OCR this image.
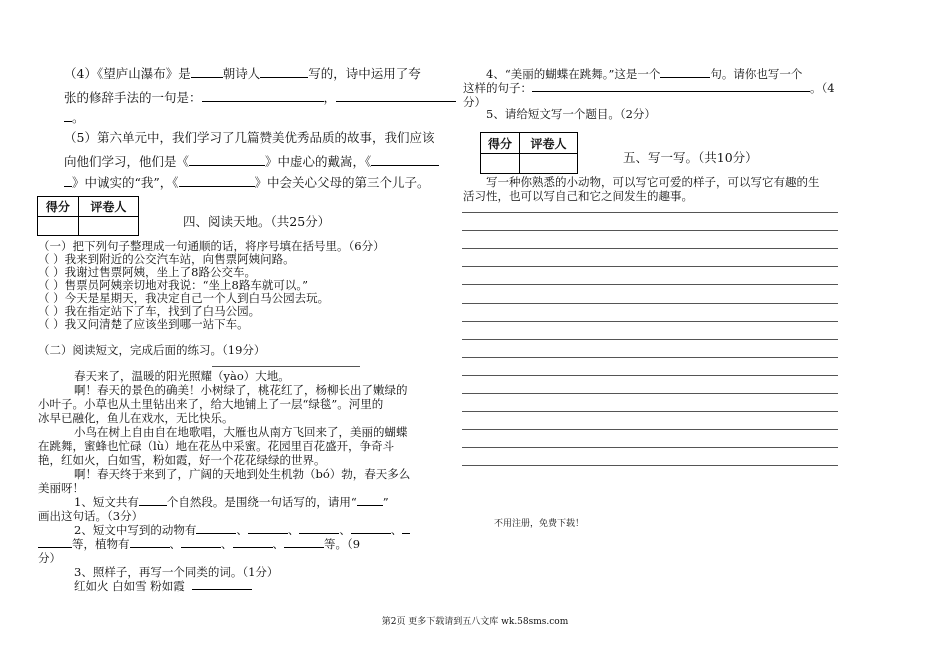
（4）《望庐山瀑布》是	朝诗人	写的，诗中运用了夸
张的修辞手法的一句是：	，
。
（5）第六单元中，我们学习了几篇赞美优秀品质的故事，我们应该
向他们学习，他们是《	》中虚心的戴嵩，《
》中诚实的“我”，《	》中会关心父母的第三个儿子。
得分	评卷人

四、阅读天地。（共25分）
（一）把下列句子整理成一句通顺的话，将序号填在括号里。（6分）
（ ）我来到附近的公交汽车站，向售票阿姨问路。
（ ）我谢过售票阿姨，坐上了8路公交车。
（ ）售票员阿姨亲切地对我说：“坐上8路车就可以。”
（ ）今天是星期天，我决定自己一个人到白马公园去玩。
（ ）我在指定站下了车，找到了白马公园。
（ ）我又问清楚了应该坐到哪一站下车。
（二）阅读短文，完成后面的练习。（19分）
春天来了，温暖的阳光照耀（yào）大地。
啊！春天的景色的确美！小树绿了，桃花红了，杨柳长出了嫩绿的
小叶子。小草也从土里钻出来了，给大地铺上了一层“绿毯”。河里的
冰早已融化，鱼儿在戏水，无比快乐。
小鸟在树上自由自在地歌唱，大雁也从南方飞回来了，美丽的蝴蝶
在跳舞，蜜蜂也忙碌（lù）地在花丛中采蜜。花园里百花盛开，争奇斗
艳，红如火，白如雪，粉如霞，好一个花花绿绿的世界。
啊！春天终于来到了，广阔的天地到处生机勃（bó）勃，春天多么
美丽呀！
1、短文共有 个自然段。是围绕一句话写的，请用“ ”
画出这句话。（3分）
2、短文中写到的动物有	、	、	、	、
等，植物有	、	、	、	等。（9
分）
3、照样子，再写一个同类的词。（1分）
红如火 白如雪 粉如霞
4、“美丽的蝴蝶在跳舞。”这是一个	句。请你也写一个
这样的句子：	。（4
分）
5、请给短文写一个题目。（2分）
得分	评卷人

五、写一写。（共10分）
写一种你熟悉的小动物，可以写它可爱的样子，可以写它有趣的生
活习性，也可以写自己和它之间发生的趣事。
不用注册，免费下载！
第2页 更多下载请到五八文库 wk.58sms.com
